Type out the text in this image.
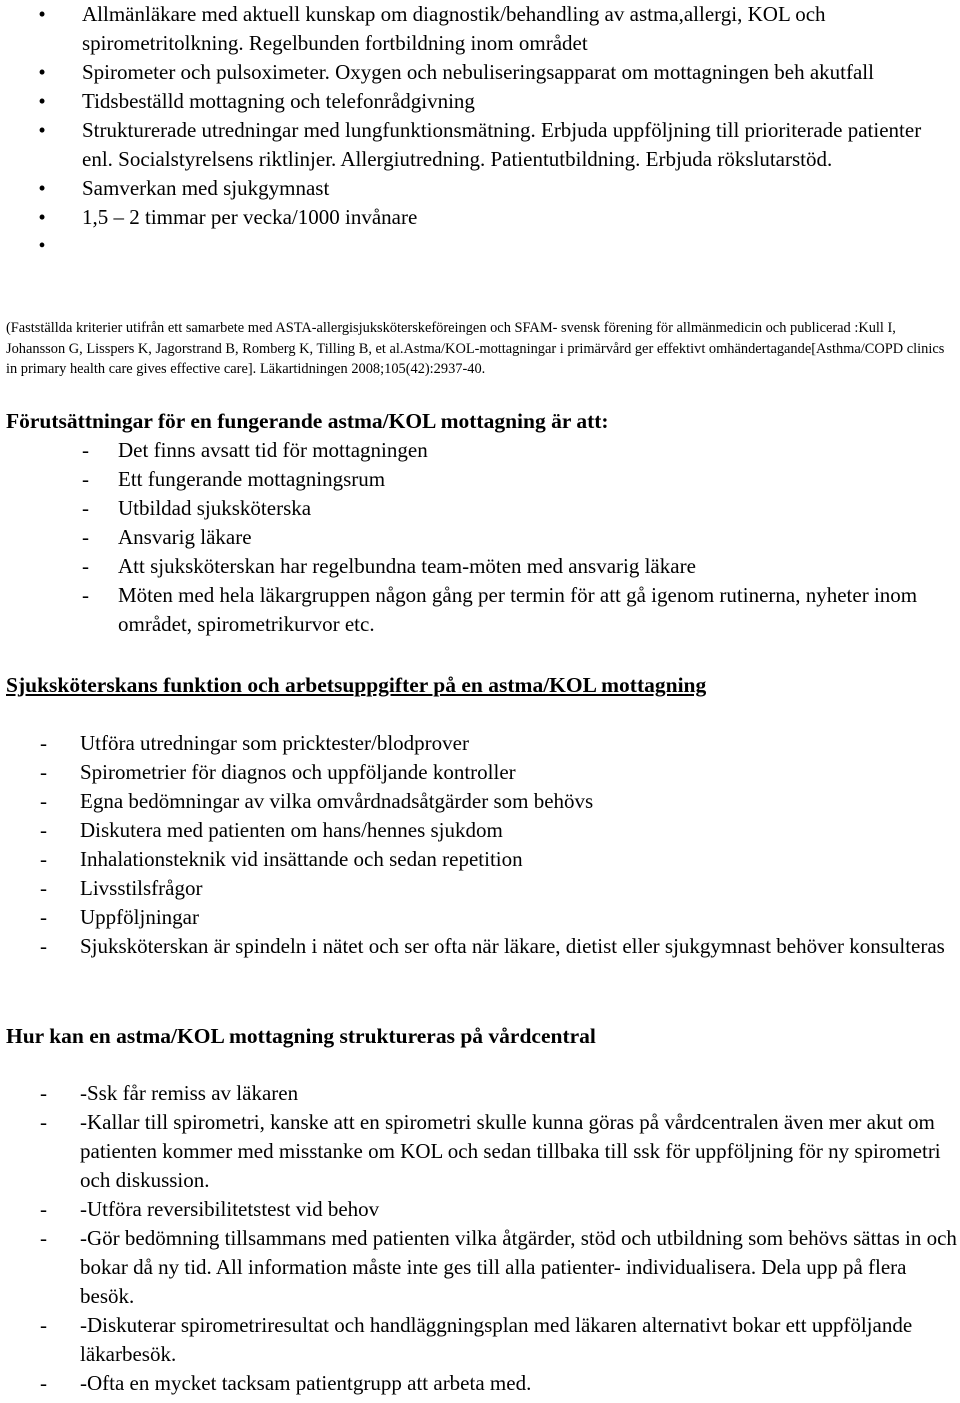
• Allmänläkare med aktuell kunskap om diagnostik/behandling av astma,allergi, KOL och spirometritolkning. Regelbunden fortbildning inom området
• Spirometer och pulsoximeter. Oxygen och nebuliseringsapparat om mottagningen beh akutfall
• Tidsbeställd mottagning och telefonrådgivning
• Strukturerade utredningar med lungfunktionsmätning. Erbjuda uppföljning till prioriterade patienter enl. Socialstyrelsens riktlinjer. Allergiutredning. Patientutbildning. Erbjuda rökslutarstöd.
• Samverkan med sjukgymnast
• 1,5 – 2 timmar per vecka/1000 invånare
•

(Fastställda kriterier utifrån ett samarbete med ASTA-allergisjuksköterskeföreingen och SFAM- svensk förening för allmänmedicin och publicerad :Kull I, Johansson G, Lisspers K, Jagorstrand B, Romberg K, Tilling B, et al.Astma/KOL-mottagningar i primärvård ger effektivt omhändertagande[Asthma/COPD clinics in primary health care gives effective care]. Läkartidningen 2008;105(42):2937-40.

Förutsättningar för en fungerande astma/KOL mottagning är att:
- Det finns avsatt tid för mottagningen
- Ett fungerande mottagningsrum
- Utbildad sjuksköterska
- Ansvarig läkare
- Att sjuksköterskan har regelbundna team-möten med ansvarig läkare
- Möten med hela läkargruppen någon gång per termin för att gå igenom rutinerna, nyheter inom området, spirometrikurvor etc.
Sjuksköterskans funktion och arbetsuppgifter på en astma/KOL mottagning
- Utföra utredningar som pricktester/blodprover
- Spirometrier för diagnos och uppföljande kontroller
- Egna bedömningar av vilka omvårdnadsåtgärder som behövs
- Diskutera med patienten om hans/hennes sjukdom
- Inhalationsteknik vid insättande och sedan repetition
- Livsstilsfrågor
- Uppföljningar
- Sjuksköterskan är spindeln i nätet och ser ofta när läkare, dietist eller sjukgymnast behöver konsulteras
Hur kan en astma/KOL mottagning struktureras på vårdcentral
- -Ssk får remiss av läkaren
- -Kallar till spirometri, kanske att en spirometri skulle kunna göras på vårdcentralen även mer akut om patienten kommer med misstanke om KOL och sedan tillbaka till ssk för uppföljning för ny spirometri och diskussion.
- -Utföra reversibilitetstest vid behov
- -Gör bedömning tillsammans med patienten vilka åtgärder, stöd och utbildning som behövs sättas in och bokar då ny tid. All information måste inte ges till alla patienter- individualisera. Dela upp på flera besök.
- -Diskuterar spirometriresultat och handläggningsplan med läkaren alternativt bokar ett uppföljande läkarbesök.
- -Ofta en mycket tacksam patientgrupp att arbeta med.
